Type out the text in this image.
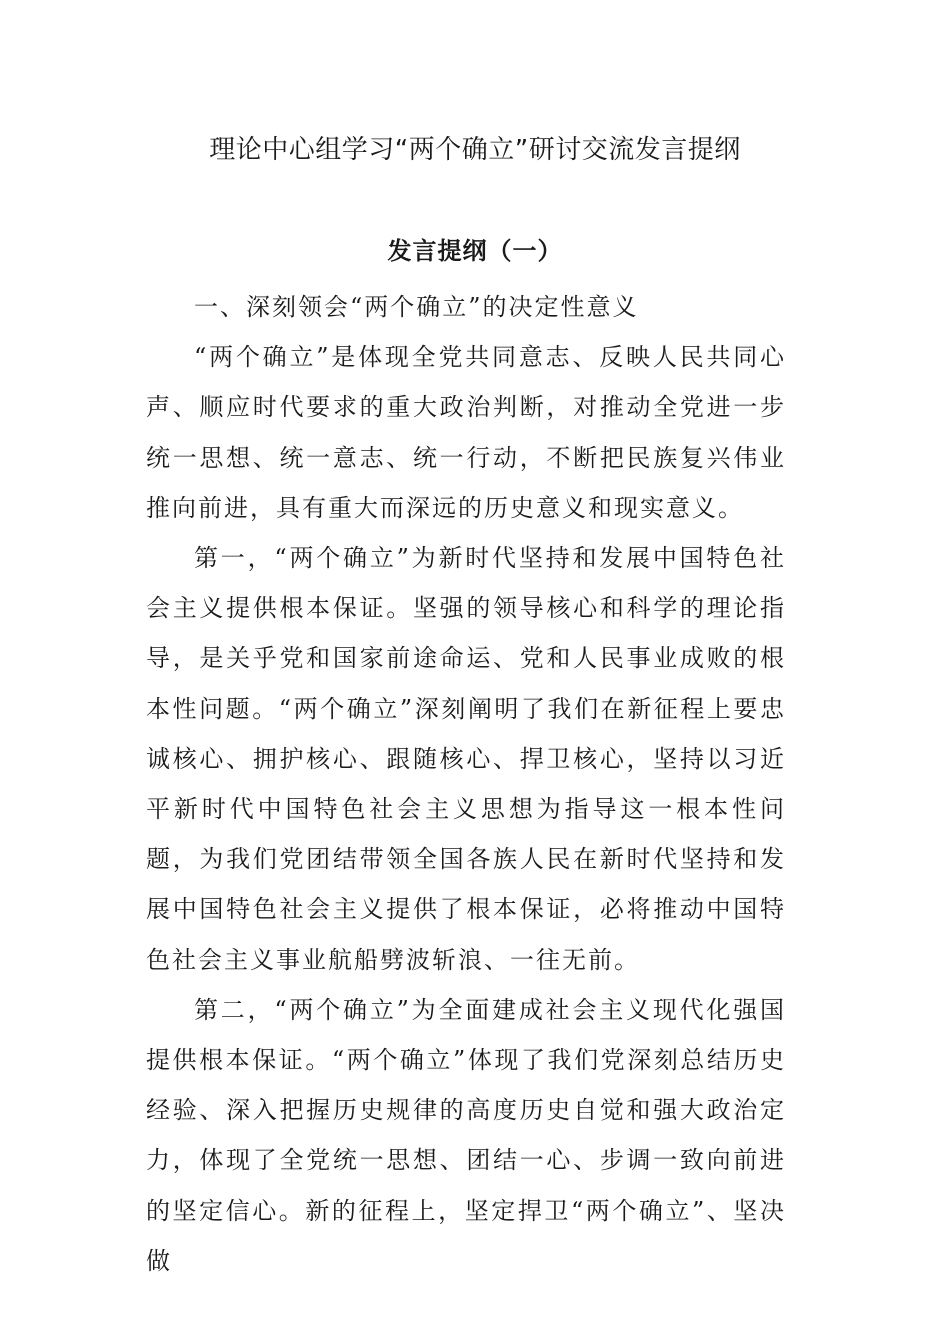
理论中心组学习“两个确立”研讨交流发言提纲
发言提纲（一）

一、深刻领会“两个确立”的决定性意义

“两个确立”是体现全党共同意志、反映人民共同心声、顺应时代要求的重大政治判断，对推动全党进一步统一思想、统一意志、统一行动，不断把民族复兴伟业推向前进，具有重大而深远的历史意义和现实意义。

第一，“两个确立”为新时代坚持和发展中国特色社会主义提供根本保证。坚强的领导核心和科学的理论指导，是关乎党和国家前途命运、党和人民事业成败的根本性问题。“两个确立”深刻阐明了我们在新征程上要忠诚核心、拥护核心、跟随核心、捍卫核心，坚持以习近平新时代中国特色社会主义思想为指导这一根本性问题，为我们党团结带领全国各族人民在新时代坚持和发展中国特色社会主义提供了根本保证，必将推动中国特色社会主义事业航船劈波斩浪、一往无前。

第二，“两个确立”为全面建成社会主义现代化强国提供根本保证。“两个确立”体现了我们党深刻总结历史经验、深入把握历史规律的高度历史自觉和强大政治定力，体现了全党统一思想、团结一心、步调一致向前进的坚定信心。新的征程上，坚定捍卫“两个确立”、坚决做
